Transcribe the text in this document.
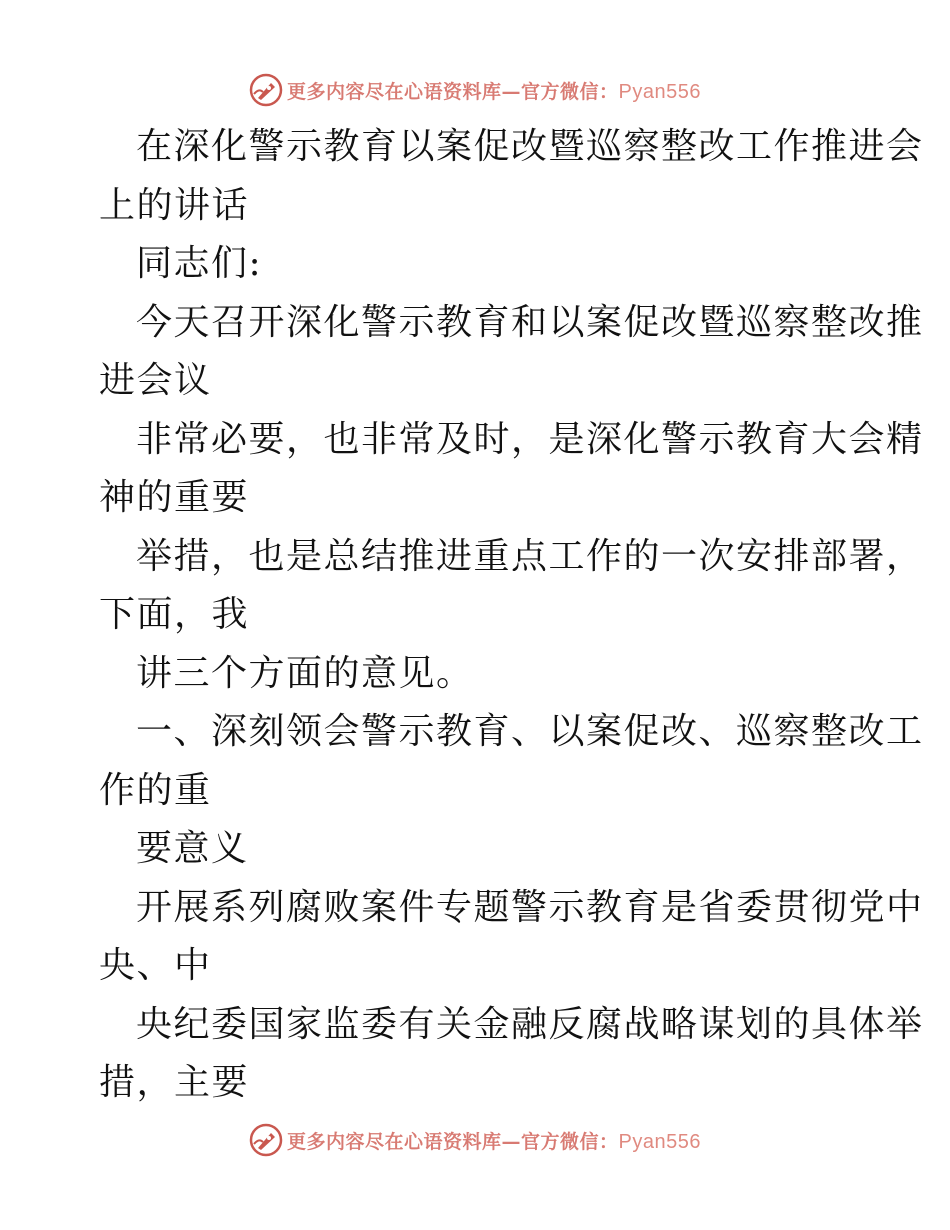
更多内容尽在心语资料库—官方微信：Pyan556
在深化警示教育以案促改暨巡察整改工作推进会
上的讲话
同志们:
今天召开深化警示教育和以案促改暨巡察整改推
进会议
非常必要，也非常及时，是深化警示教育大会精
神的重要
举措，也是总结推进重点工作的一次安排部署，
下面，我
讲三个方面的意见。
一、深刻领会警示教育、以案促改、巡察整改工
作的重
要意义
开展系列腐败案件专题警示教育是省委贯彻党中
央、中
央纪委国家监委有关金融反腐战略谋划的具体举
措，主要
更多内容尽在心语资料库—官方微信：Pyan556
